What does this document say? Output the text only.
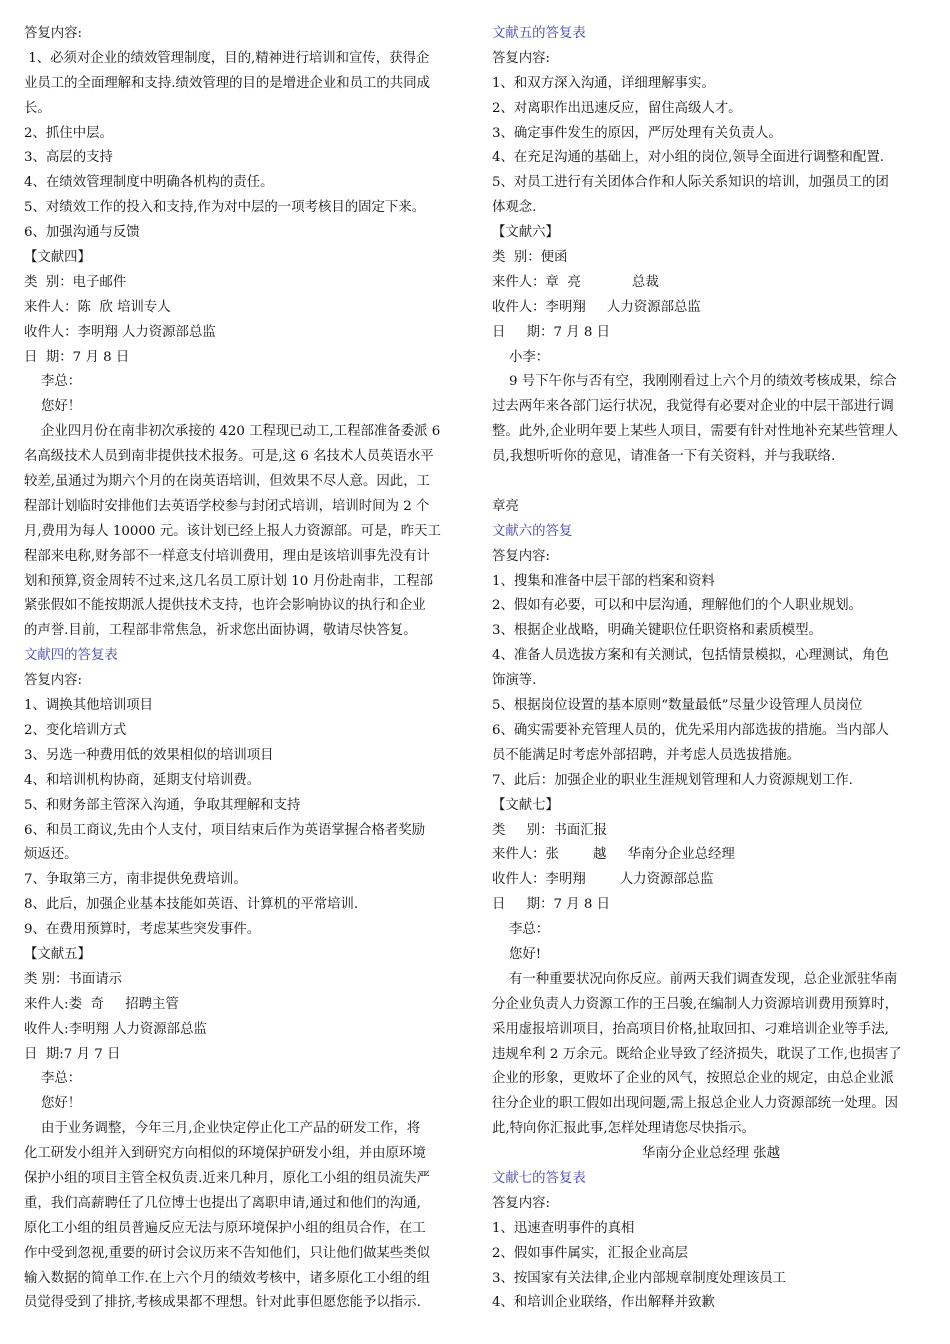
答复内容:
1、必须对企业的绩效管理制度，目的,精神进行培训和宣传，获得企
业员工的全面理解和支持.绩效管理的目的是增进企业和员工的共同成
长。
2、抓住中层。
3、高层的支持
4、在绩效管理制度中明确各机构的责任。
5、对绩效工作的投入和支持,作为对中层的一项考核目的固定下来。
6、加强沟通与反馈
【文献四】
类  别：电子邮件
来件人：陈  欣 培训专人
收件人：李明翔 人力资源部总监
日  期：7 月 8 日
李总：
您好！
企业四月份在南非初次承接的 420 工程现已动工,工程部准备委派 6
名高级技术人员到南非提供技术报务。可是,这 6 名技术人员英语水平
较差,虽通过为期六个月的在岗英语培训，但效果不尽人意。因此，工
程部计划临时安排他们去英语学校参与封闭式培训，培训时间为 2 个
月,费用为每人 10000 元。该计划已经上报人力资源部。可是，昨天工
程部来电称,财务部不一样意支付培训费用，理由是该培训事先没有计
划和预算,资金周转不过来,这几名员工原计划 10 月份赴南非，工程部
紧张假如不能按期派人提供技术支持，也许会影响协议的执行和企业
的声誉.目前，工程部非常焦急，祈求您出面协调，敬请尽快答复。
文献四的答复表
答复内容:
1、调换其他培训项目
2、变化培训方式
3、另选一种费用低的效果相似的培训项目
4、和培训机构协商，延期支付培训费。
5、和财务部主管深入沟通，争取其理解和支持
6、和员工商议,先由个人支付，项目结束后作为英语掌握合格者奖励
烦返还。
7、争取第三方，南非提供免费培训。
8、此后，加强企业基本技能如英语、计算机的平常培训.
9、在费用预算时，考虑某些突发事件。
【文献五】
类 别：书面请示
来件人:娄  奇     招聘主管
收件人:李明翔 人力资源部总监
日  期:7 月 7 日
李总：
您好！
由于业务调整，今年三月,企业快定停止化工产品的研发工作，将
化工研发小组并入到研究方向相似的环境保护研发小组，并由原环境
保护小组的项目主管全权负责.近来几种月，原化工小组的组员流失严
重，我们高薪聘任了几位博士也提出了离职申请,通过和他们的沟通,
原化工小组的组员普遍反应无法与原环境保护小组的组员合作，在工
作中受到忽视,重要的研讨会议历来不告知他们，只让他们做某些类似
输入数据的简单工作.在上六个月的绩效考核中，诸多原化工小组的组
员觉得受到了排挤,考核成果都不理想。针对此事但愿您能予以指示.
文献五的答复表
答复内容:
1、和双方深入沟通，详细理解事实。
2、对离职作出迅速反应，留住高级人才。
3、确定事件发生的原因，严厉处理有关负责人。
4、在充足沟通的基础上，对小组的岗位,领导全面进行调整和配置.
5、对员工进行有关团体合作和人际关系知识的培训，加强员工的团
体观念.
【文献六】
类  别：便函
来件人：章  亮            总裁
收件人：李明翔     人力资源部总监
日     期：7 月 8 日
小李：
9 号下午你与否有空，我刚刚看过上六个月的绩效考核成果，综合
过去两年来各部门运行状况，我觉得有必要对企业的中层干部进行调
整。此外,企业明年要上某些人项目，需要有针对性地补充某些管理人
员,我想听听你的意见，请准备一下有关资料，并与我联络.
章亮
文献六的答复
答复内容:
1、搜集和准备中层干部的档案和资料
2、假如有必要，可以和中层沟通，理解他们的个人职业规划。
3、根据企业战略，明确关键职位任职资格和素质模型。
4、准备人员选拔方案和有关测试，包括情景模拟，心理测试，角色
饰演等.
5、根据岗位设置的基本原则“数量最低”尽量少设管理人员岗位
6、确实需要补充管理人员的，优先采用内部选拔的措施。当内部人
员不能满足时考虑外部招聘，并考虑人员选拔措施。
7、此后：加强企业的职业生涯规划管理和人力资源规划工作.
【文献七】
类     别：书面汇报
来件人：张        越     华南分企业总经理
收件人：李明翔        人力资源部总监
日     期：7 月 8 日
李总：
您好!
有一种重要状况向你反应。前两天我们调查发现，总企业派驻华南
分企业负责人力资源工作的王吕骏,在编制人力资源培训费用预算时，
采用虚报培训项目，抬高项目价格,扯取回扣、刁难培训企业等手法,
违规牟利 2 万余元。既给企业导致了经济损失，耽误了工作,也损害了
企业的形象，更败坏了企业的风气，按照总企业的规定，由总企业派
往分企业的职工假如出现问题,需上报总企业人力资源部统一处理。因
此,特向你汇报此事,怎样处理请您尽快指示。
华南分企业总经理 张越
文献七的答复表
答复内容:
1、迅速查明事件的真相
2、假如事件属实，汇报企业高层
3、按国家有关法律,企业内部规章制度处理该员工
4、和培训企业联络，作出解释并致歉
